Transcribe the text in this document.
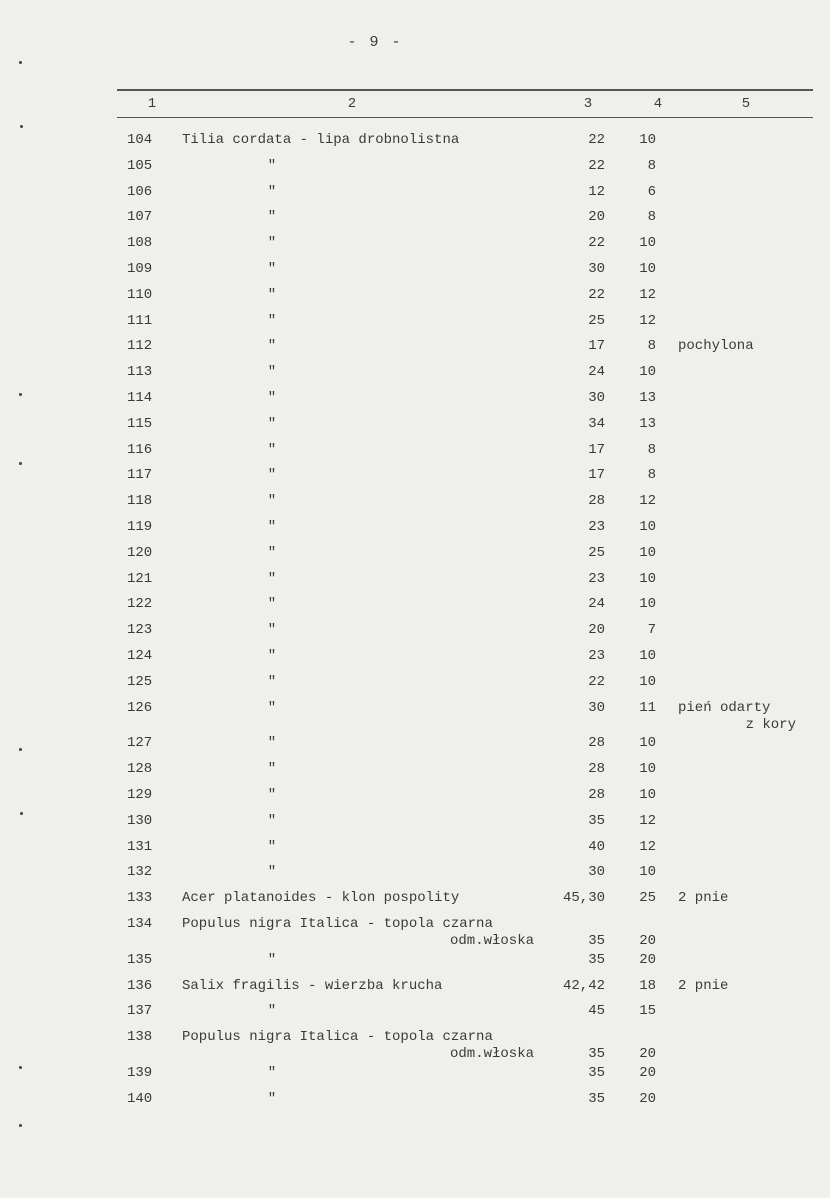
- 9 -
1	2	3	4	5
104	Tilia cordata - lipa drobnolistna	22	10
105	"	22	8
106	"	12	6
107	"	20	8
108	"	22	10
109	"	30	10
110	"	22	12
111	"	25	12
112	"	17	8 pochylona
113	"	24	10
114	"	30	13
115	"	34	13
116	"	17	8
117	"	17	8
118	"	28	12
119	"	23	10
120	"	25	10
121	"	23	10
122	"	24	10
123	"	20	7
124	"	23	10
125	"	22	10
126	"	30	11 pień odarty
z kory
127	"	28	10
128	"	28	10
129	"	28	10
130	"	35	12
131	"	40	12
132	"	30	10
133	Acer platanoides - klon pospolity	45,30	25 2 pnie
134	Populus nigra Italica - topola czarna
odm.włoska	35	20
135	"	35	20
136	Salix fragilis - wierzba krucha	42,42	18 2 pnie
137	"	45	15
138	Populus nigra Italica - topola czarna
odm.włoska	35	20
139	"	35	20
140	"	35	20
